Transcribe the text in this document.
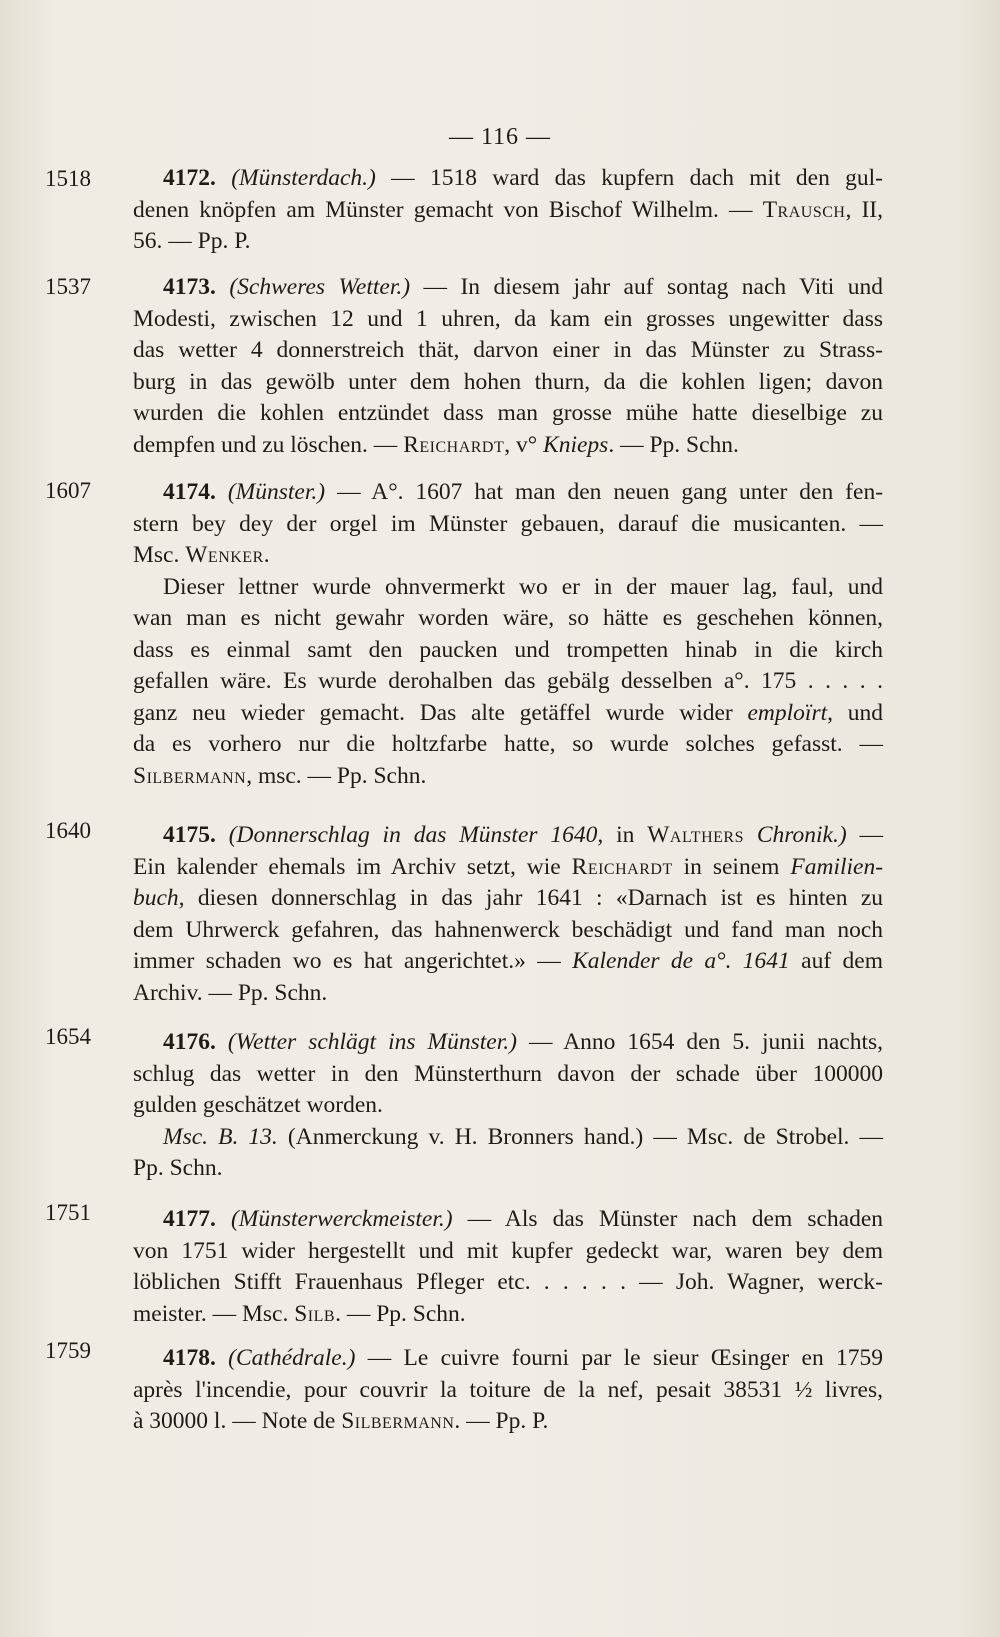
— 116 —
1518	4172. (Münsterdach.) — 1518 ward das kupfern dach mit den gul-
denen knöpfen am Münster gemacht von Bischof Wilhelm. — Trausch, II,
56. — Pp. P.
1537	4173. (Schweres Wetter.) — In diesem jahr auf sontag nach Viti und
Modesti, zwischen 12 und 1 uhren, da kam ein grosses ungewitter dass
das wetter 4 donnerstreich thät, darvon einer in das Münster zu Strass-
burg in das gewölb unter dem hohen thurn, da die kohlen ligen; davon
wurden die kohlen entzündet dass man grosse mühe hatte dieselbige zu
dempfen und zu löschen. — Reichardt, v° Knieps. — Pp. Schn.
1607	4174. (Münster.) — A°. 1607 hat man den neuen gang unter den fen-
stern bey dey der orgel im Münster gebauen, darauf die musicanten. —
Msc. Wenker.
Dieser lettner wurde ohnvermerkt wo er in der mauer lag, faul, und
wan man es nicht gewahr worden wäre, so hätte es geschehen können,
dass es einmal samt den paucken und trompetten hinab in die kirch
gefallen wäre. Es wurde derohalben das gebälg desselben a°. 175 . . . . .
ganz neu wieder gemacht. Das alte getäffel wurde wider emploïrt, und
da es vorhero nur die holtzfarbe hatte, so wurde solches gefasst. —
Silbermann, msc. — Pp. Schn.
1640	4175. (Donnerschlag in das Münster 1640, in Walthers Chronik.) —
Ein kalender ehemals im Archiv setzt, wie Reichardt in seinem Familien-
buch, diesen donnerschlag in das jahr 1641 : «Darnach ist es hinten zu
dem Uhrwerck gefahren, das hahnenwerck beschädigt und fand man noch
immer schaden wo es hat angerichtet.» — Kalender de a°. 1641 auf dem
Archiv. — Pp. Schn.
1654	4176. (Wetter schlägt ins Münster.) — Anno 1654 den 5. junii nachts,
schlug das wetter in den Münsterthurn davon der schade über 100000
gulden geschätzet worden.
Msc. B. 13. (Anmerckung v. H. Bronners hand.) — Msc. de Strobel. —
Pp. Schn.
1751	4177. (Münsterwerckmeister.) — Als das Münster nach dem schaden
von 1751 wider hergestellt und mit kupfer gedeckt war, waren bey dem
löblichen Stifft Frauenhaus Pfleger etc. . . . . . — Joh. Wagner, werck-
meister. — Msc. Silb. — Pp. Schn.
1759	4178. (Cathédrale.) — Le cuivre fourni par le sieur Œsinger en 1759
après l'incendie, pour couvrir la toiture de la nef, pesait 38531 ½ livres,
à 30000 l. — Note de Silbermann. — Pp. P.
